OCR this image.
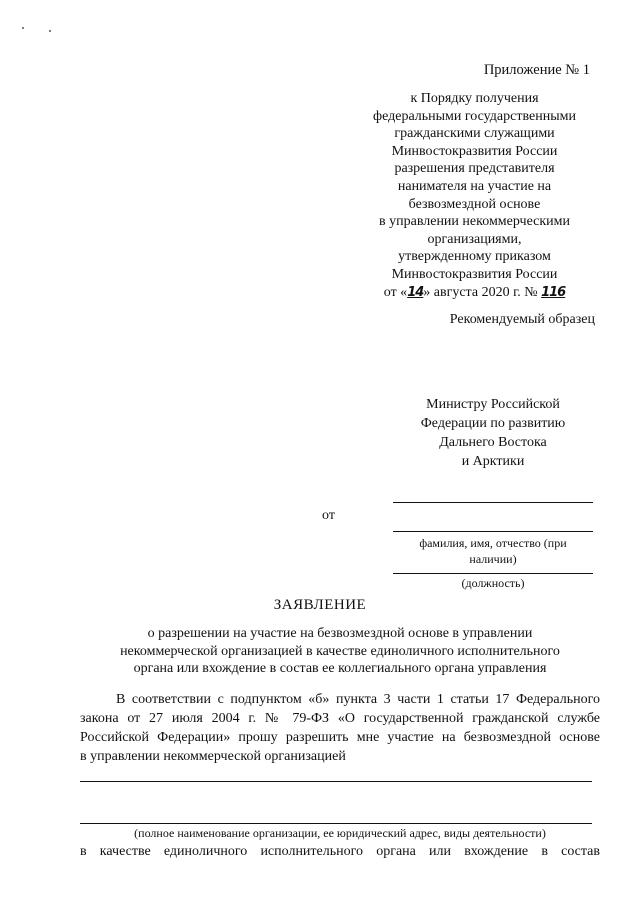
Приложение № 1
к Порядку получения
федеральными государственными
гражданскими служащими
Минвостокразвития России
разрешения представителя
нанимателя на участие на
безвозмездной основе
в управлении некоммерческими
организациями,
утвержденному приказом
Минвостокразвития России
от «14» августа 2020 г. № 116
Рекомендуемый образец
Министру Российской
Федерации по развитию
Дальнего Востока
и Арктики
от
фамилия, имя, отчество (при
наличии)
(должность)
ЗАЯВЛЕНИЕ
о разрешении на участие на безвозмездной основе в управлении
некоммерческой организацией в качестве единоличного исполнительного
органа или вхождение в состав ее коллегиального органа управления
В соответствии с подпунктом «б» пункта 3 части 1 статьи 17 Федерального
закона от 27 июля 2004 г. № 79-ФЗ «О государственной гражданской службе
Российской Федерации» прошу разрешить мне участие на безвозмездной основе
в управлении некоммерческой организацией
(полное наименование организации, ее юридический адрес, виды деятельности)
в качестве единоличного исполнительного органа или вхождение в состав
